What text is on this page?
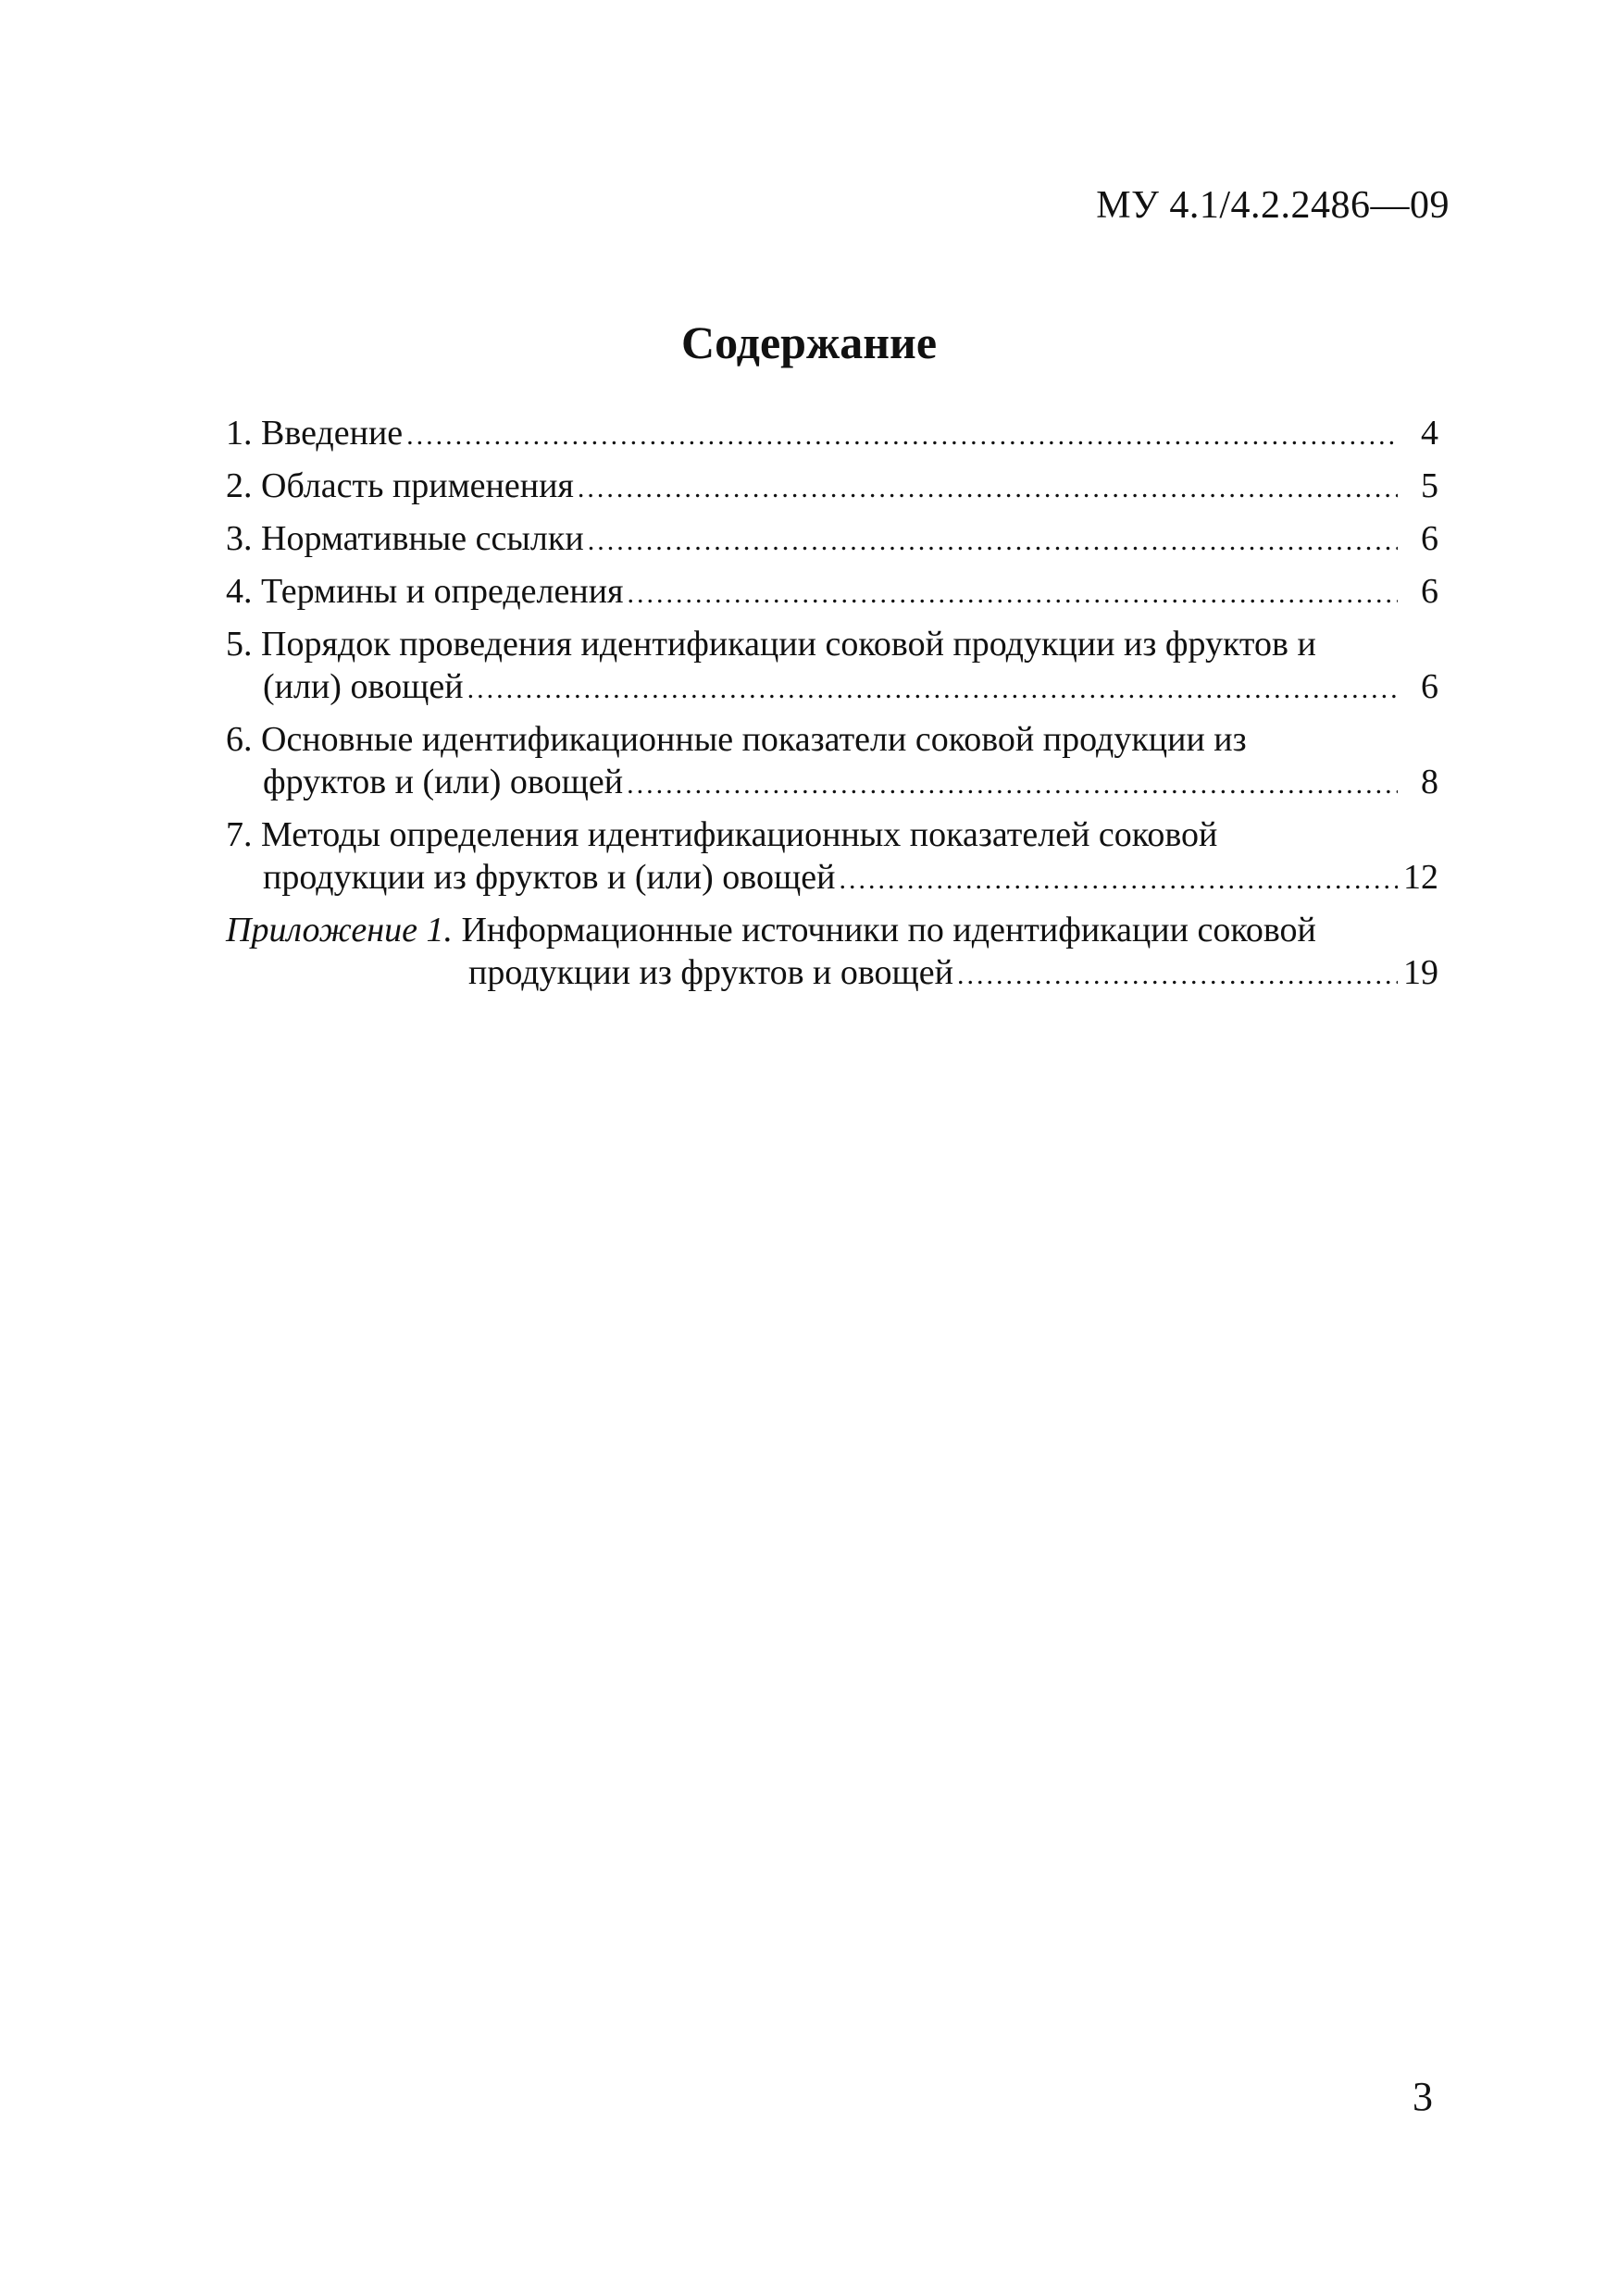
МУ 4.1/4.2.2486—09
Содержание
1. Введение .....	4
2. Область применения .....	5
3. Нормативные ссылки .....	6
4. Термины и определения .....	6
5. Порядок проведения идентификации соковой продукции из фруктов и
(или) овощей .....	6
6. Основные идентификационные показатели соковой продукции из
фруктов и (или) овощей .....	8
7. Методы определения идентификационных показателей соковой
продукции из фруктов и (или) овощей .....	12
Приложение 1. Информационные источники по идентификации соковой
продукции из фруктов и овощей .....	19
3
